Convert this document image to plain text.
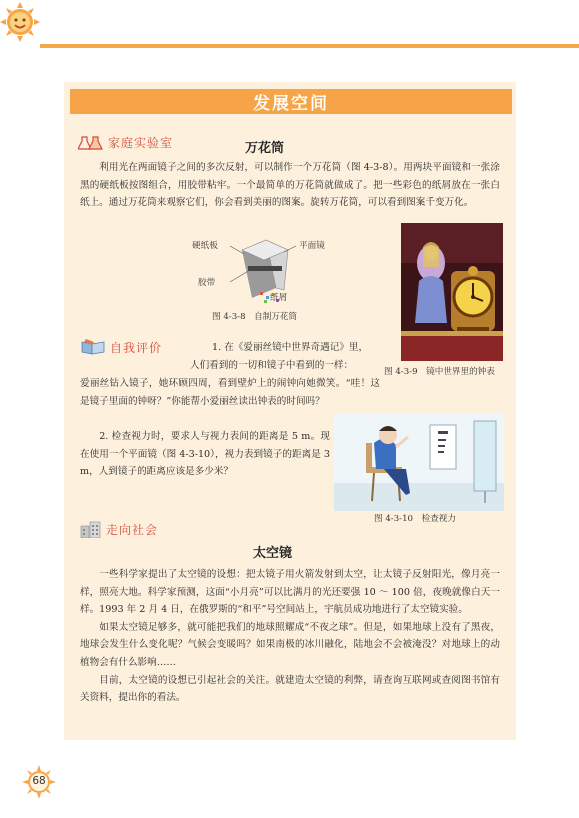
发展空间
家庭实验室	万花筒

利用光在两面镜子之间的多次反射，可以制作一个万花筒（图 4-3-8）。用两块平面镜和一张涂黑的硬纸板按图组合，用胶带粘牢。一个最简单的万花筒就做成了。把一些彩色的纸屑放在一张白纸上。通过万花筒来观察它们，你会看到美丽的图案。旋转万花筒，可以看到图案千变万化。

硬纸板	平面镜
胶带
纸屑
图 4-3-8　自制万花筒
图 4-3-9　镜中世界里的钟表
自我评价	1. 在《爱丽丝镜中世界奇遇记》里，

人们看到的一切和镜子中看到的一样：

爱丽丝钻入镜子，她环顾四周，看到壁炉上的闹钟向她微笑。“哇！这是镜子里面的钟呀？”你能帮小爱丽丝读出钟表的时间吗？

2. 检查视力时，要求人与视力表间的距离是 5 m。现在使用一个平面镜（图 4-3-10），视力表到镜子的距离是 3 m，人到镜子的距离应该是多少米？

图 4-3-10　检查视力
走向社会
太空镜

一些科学家提出了太空镜的设想：把太镜子用火箭发射到太空，让太镜子反射阳光，像月亮一样，照亮大地。科学家预测，这面“小月亮”可以比满月的光还要强 10 ～ 100 倍，夜晚就像白天一样。1993 年 2 月 4 日，在俄罗斯的“和平”号空间站上，宇航员成功地进行了太空镜实验。

如果太空镜足够多，就可能把我们的地球照耀成“不夜之球”。但是，如果地球上没有了黑夜，地球会发生什么变化呢？气候会变暖吗？如果南极的冰川融化，陆地会不会被淹没？对地球上的动植物会有什么影响……

目前，太空镜的设想已引起社会的关注。就建造太空镜的利弊，请查询互联网或查阅图书馆有关资料，提出你的看法。

68
